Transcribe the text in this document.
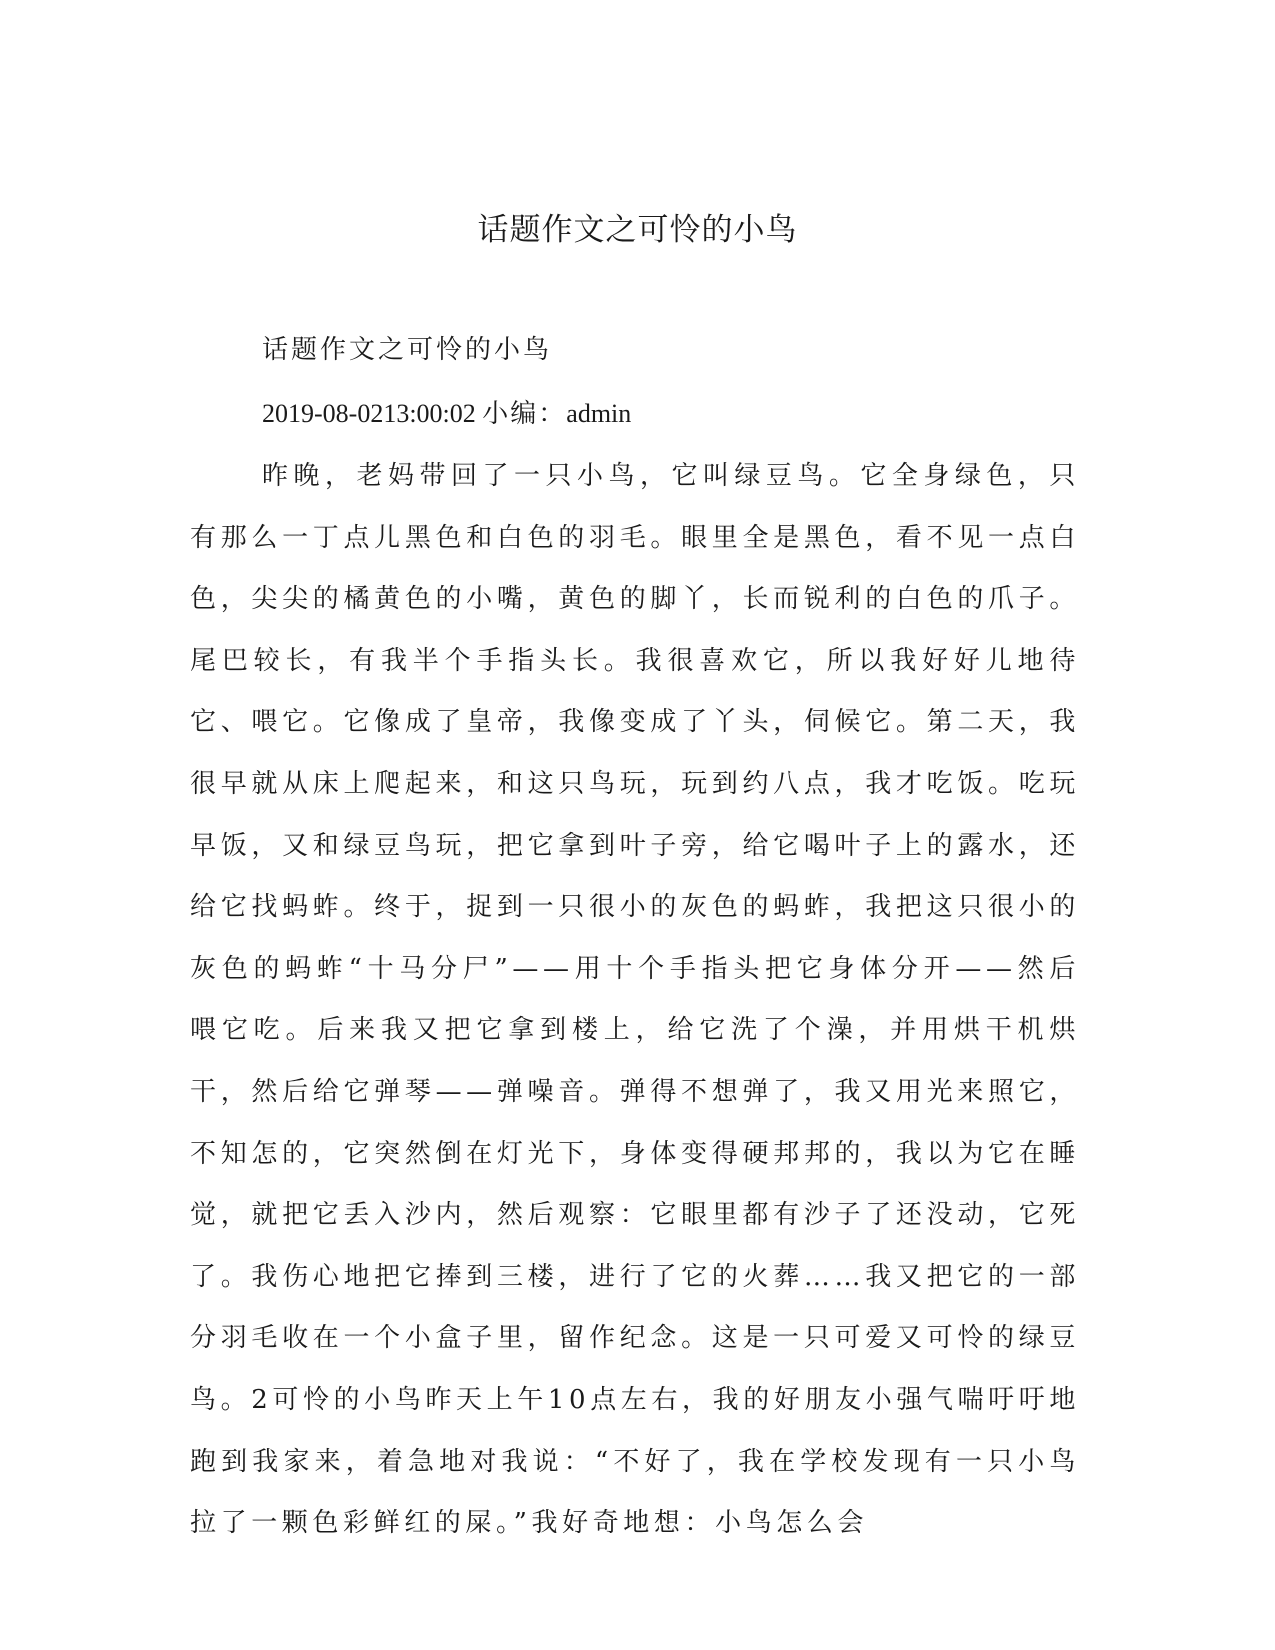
话题作文之可怜的小鸟
话题作文之可怜的小鸟
2019-08-0213:00:02 小编：admin

昨晚，老妈带回了一只小鸟，它叫绿豆鸟。它全身绿色，只有那么一丁点儿黑色和白色的羽毛。眼里全是黑色，看不见一点白色，尖尖的橘黄色的小嘴，黄色的脚丫，长而锐利的白色的爪子。尾巴较长，有我半个手指头长。我很喜欢它，所以我好好儿地待它、喂它。它像成了皇帝，我像变成了丫头，伺候它。第二天，我很早就从床上爬起来，和这只鸟玩，玩到约八点，我才吃饭。吃玩早饭，又和绿豆鸟玩，把它拿到叶子旁，给它喝叶子上的露水，还给它找蚂蚱。终于，捉到一只很小的灰色的蚂蚱，我把这只很小的灰色的蚂蚱“十马分尸”——用十个手指头把它身体分开——然后喂它吃。后来我又把它拿到楼上，给它洗了个澡，并用烘干机烘干，然后给它弹琴——弹噪音。弹得不想弹了，我又用光来照它，不知怎的，它突然倒在灯光下，身体变得硬邦邦的，我以为它在睡觉，就把它丢入沙内，然后观察：它眼里都有沙子了还没动，它死了。我伤心地把它捧到三楼，进行了它的火葬……我又把它的一部分羽毛收在一个小盒子里，留作纪念。这是一只可爱又可怜的绿豆鸟。2可怜的小鸟昨天上午10点左右，我的好朋友小强气喘吁吁地跑到我家来，着急地对我说：“不好了，我在学校发现有一只小鸟拉了一颗色彩鲜红的屎。”我好奇地想：小鸟怎么会
